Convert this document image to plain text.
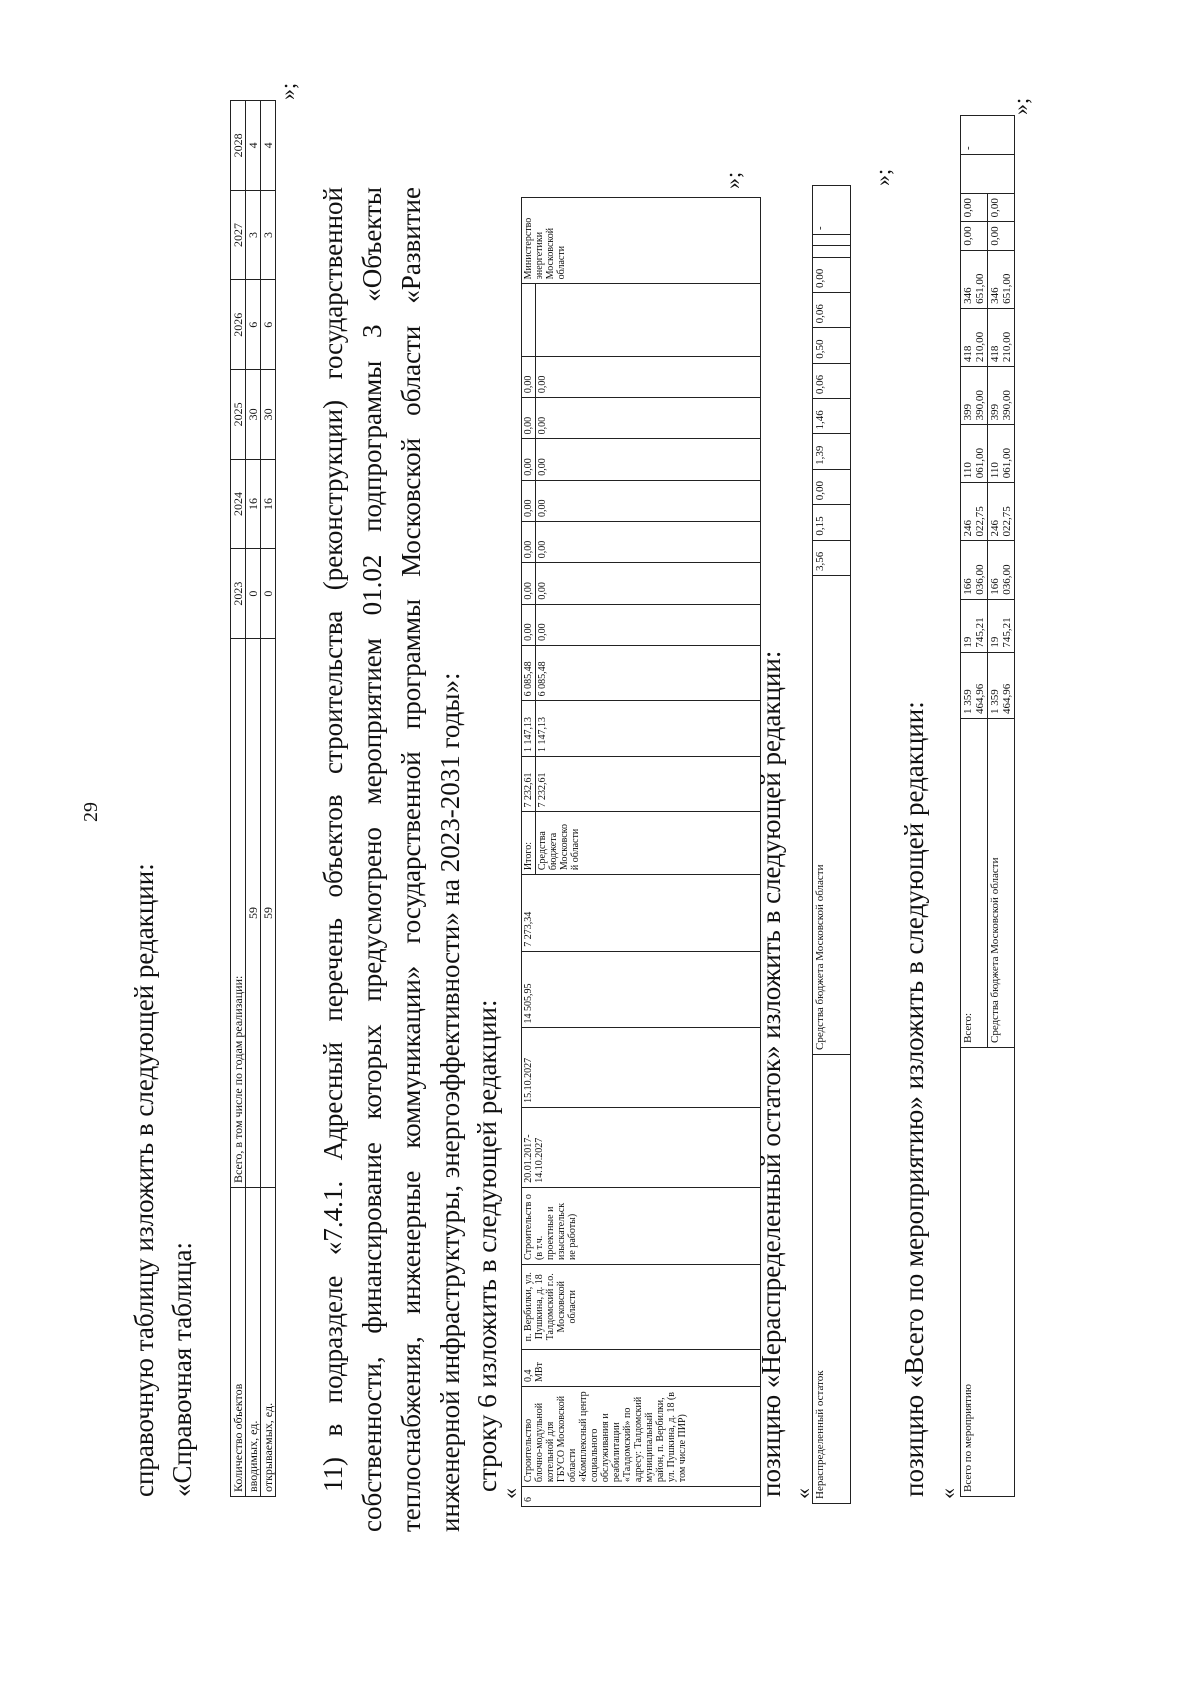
29
справочную таблицу изложить в следующей редакции: «Справочная таблица:	Количество объектов	Всего, в том числе по годам реализации:	2023	2024	2025	2026	2027	2028
вводимых, ед.	59	0	16	30	6	3	4
открываемых, ед.	59	0	16	30	6	3	4
»;
11) в подразделе «7.4.1. Адресный перечень объектов строительства (реконструкции) государственной собственности, финансирование которых предусмотрено мероприятием 01.02 подпрограммы 3 «Объекты теплоснабжения, инженерные коммуникации» государственной программы Московской области «Развитие инженерной инфраструктуры, энергоэффективности» на 2023-2031 годы»: строку 6 изложить в следующей редакции:
«
6	Строительство блочно-модульной котельной для ГБУСО Московской области «Комплексный центр социального обслуживания и реабилитации «Талдомский» по адресу: Талдомский муниципальный район, п. Вербилки, ул. Пушкина, д. 18 (в том числе ПИР)	0,4 МВт	п. Вербилки, ул. Пушкина, д. 18 Талдомский г.о. Московской области	Строительств о (в т.ч. проектные и изыскательск ие работы)	20.01.2017-14.10.2027	15.10.2027	14 505,95	7 273,34	Итого:	7 232,61	1 147,13	6 085,48	0,00	0,00	0,00	0,00	0,00	0,00	0,00		Министерство энергетики Московской области
									Средства бюджета Московско й области	7 232,61	1 147,13	6 085,48	0,00	0,00	0,00	0,00	0,00	0,00	0,00		
»;
позицию «Нераспределенный остаток» изложить в следующей редакции: « Нераспределенный остаток	Средства бюджета Московской области	3,56	0,15	0,00	1,39	1,46	0,06	0,50	0,06	0,00			-
»;
позицию «Всего по мероприятию» изложить в следующей редакции: «
Всего по мероприятию	Всего:	1 359 464,96	19 745,21	166 036,00	246 022,75	110 061,00	399 390,00	418 210,00	346 651,00	0,00	0,00		-
	Средства бюджета Московской области	1 359 464,96	19 745,21	166 036,00	246 022,75	110 061,00	399 390,00	418 210,00	346 651,00	0,00	0,00		
»;
